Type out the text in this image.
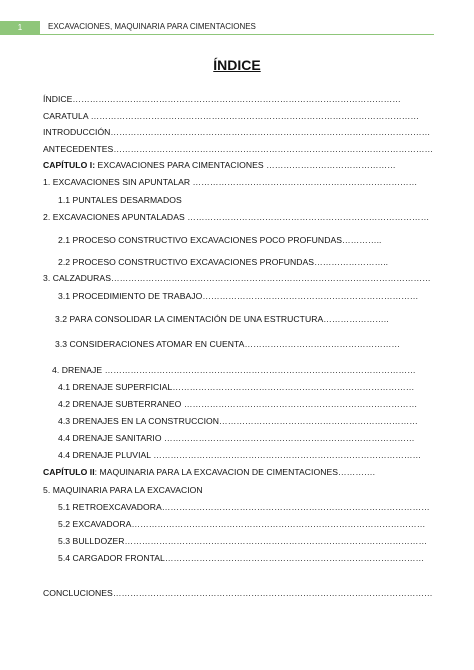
1	EXCAVACIONES, MAQUINARIA PARA CIMENTACIONES
ÍNDICE
ÍNDICE……………………………………………………………………………………………………
CARATULA ……………………………………………………………………………………………………
INTRODUCCIÓN…………………………………………………………………………………………………
ANTECEDENTES…………………………………………………………………………………………………
CAPÍTULO I: EXCAVACIONES PARA CIMENTACIONES ………………………………………
1. EXCAVACIONES SIN APUNTALAR ……………………………………………………………………
1.1 PUNTALES DESARMADOS
2. EXCAVACIONES APUNTALADAS …………………………………………………………………………
2.1 PROCESO CONSTRUCTIVO EXCAVACIONES POCO PROFUNDAS…………..
2.2 PROCESO CONSTRUCTIVO EXCAVACIONES PROFUNDAS……………………..
3. CALZADURAS…………………………………………………………………………………………………
3.1 PROCEDIMIENTO DE TRABAJO…………………………………………………………………
3.2 PARA CONSOLIDAR LA CIMENTACIÓN DE UNA ESTRUCTURA…………………..
3.3 CONSIDERACIONES ATOMAR EN CUENTA………………………………………………
4. DRENAJE ………………………………………………………………………………………………
4.1 DRENAJE SUPERFICIAL…………………………………………………………………………
4.2 DRENAJE SUBTERRANEO ………………………………………………………………………
4.3 DRENAJES EN LA CONSTRUCCION……………………………………………………………
4.4 DRENAJE SANITARIO ……………………………………………………………………………
4.4 DRENAJE PLUVIAL …………………………………………………………………………………
CAPÍTULO II: MAQUINARIA PARA LA EXCAVACION DE CIMENTACIONES………….
5. MAQUINARIA PARA LA EXCAVACION
5.1 RETROEXCAVADORA…………………………………………………………………………………
5.2 EXCAVADORA…………………………………………………………………………………………
5.3 BULLDOZER……………………………………………………………………………………………
5.4 CARGADOR FRONTAL………………………………………………………………………………
CONCLUCIONES…………………………………………………………………………………………………
